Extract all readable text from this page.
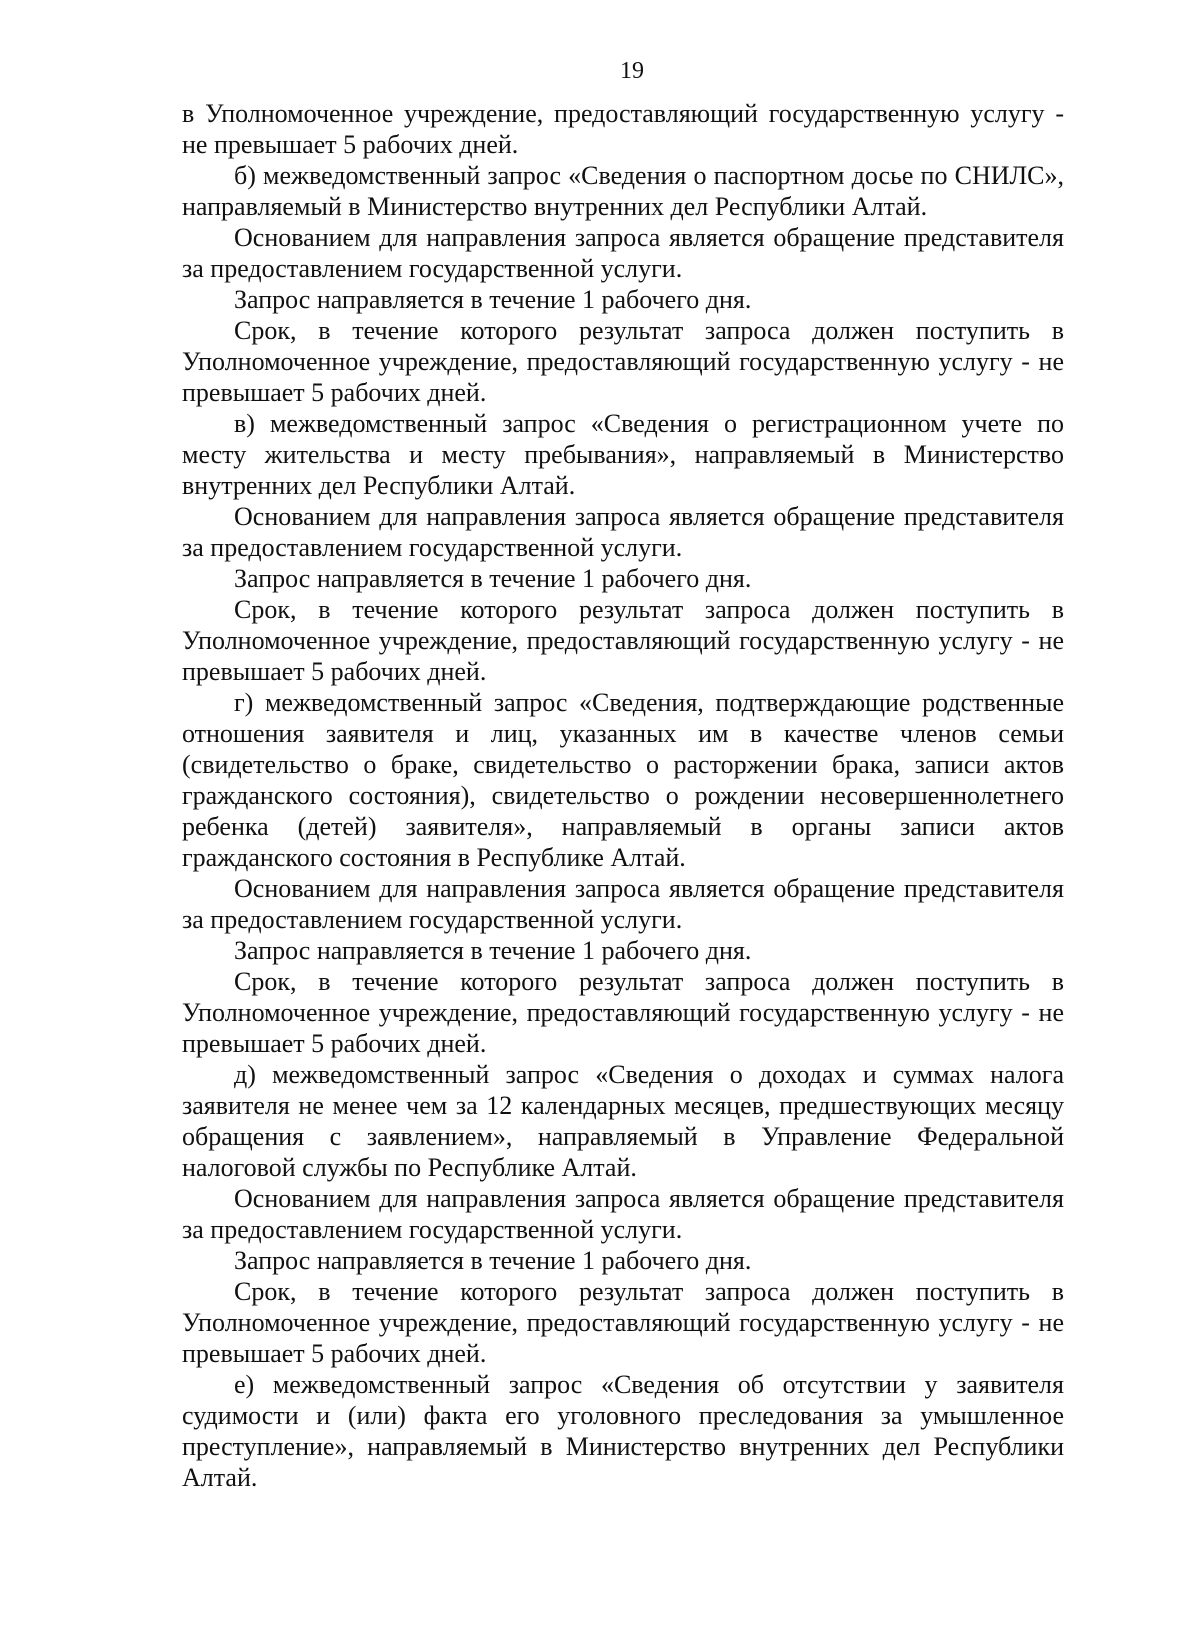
19

в Уполномоченное учреждение, предоставляющий государственную услугу - не превышает 5 рабочих дней.

б) межведомственный запрос «Сведения о паспортном досье по СНИЛС», направляемый в Министерство внутренних дел Республики Алтай.

Основанием для направления запроса является обращение представителя за предоставлением государственной услуги.

Запрос направляется в течение 1 рабочего дня.

Срок, в течение которого результат запроса должен поступить в Уполномоченное учреждение, предоставляющий государственную услугу - не превышает 5 рабочих дней.

в) межведомственный запрос «Сведения о регистрационном учете по месту жительства и месту пребывания», направляемый в Министерство внутренних дел Республики Алтай.

Основанием для направления запроса является обращение представителя за предоставлением государственной услуги.

Запрос направляется в течение 1 рабочего дня.

Срок, в течение которого результат запроса должен поступить в Уполномоченное учреждение, предоставляющий государственную услугу - не превышает 5 рабочих дней.

г) межведомственный запрос «Сведения, подтверждающие родственные отношения заявителя и лиц, указанных им в качестве членов семьи (свидетельство о браке, свидетельство о расторжении брака, записи актов гражданского состояния), свидетельство о рождении несовершеннолетнего ребенка (детей) заявителя», направляемый в органы записи актов гражданского состояния в Республике Алтай.

Основанием для направления запроса является обращение представителя за предоставлением государственной услуги.

Запрос направляется в течение 1 рабочего дня.

Срок, в течение которого результат запроса должен поступить в Уполномоченное учреждение, предоставляющий государственную услугу - не превышает 5 рабочих дней.

д) межведомственный запрос «Сведения о доходах и суммах налога заявителя не менее чем за 12 календарных месяцев, предшествующих месяцу обращения с заявлением», направляемый в Управление Федеральной налоговой службы по Республике Алтай.

Основанием для направления запроса является обращение представителя за предоставлением государственной услуги.

Запрос направляется в течение 1 рабочего дня.

Срок, в течение которого результат запроса должен поступить в Уполномоченное учреждение, предоставляющий государственную услугу - не превышает 5 рабочих дней.

е) межведомственный запрос «Сведения об отсутствии у заявителя судимости и (или) факта его уголовного преследования за умышленное преступление», направляемый в Министерство внутренних дел Республики Алтай.
